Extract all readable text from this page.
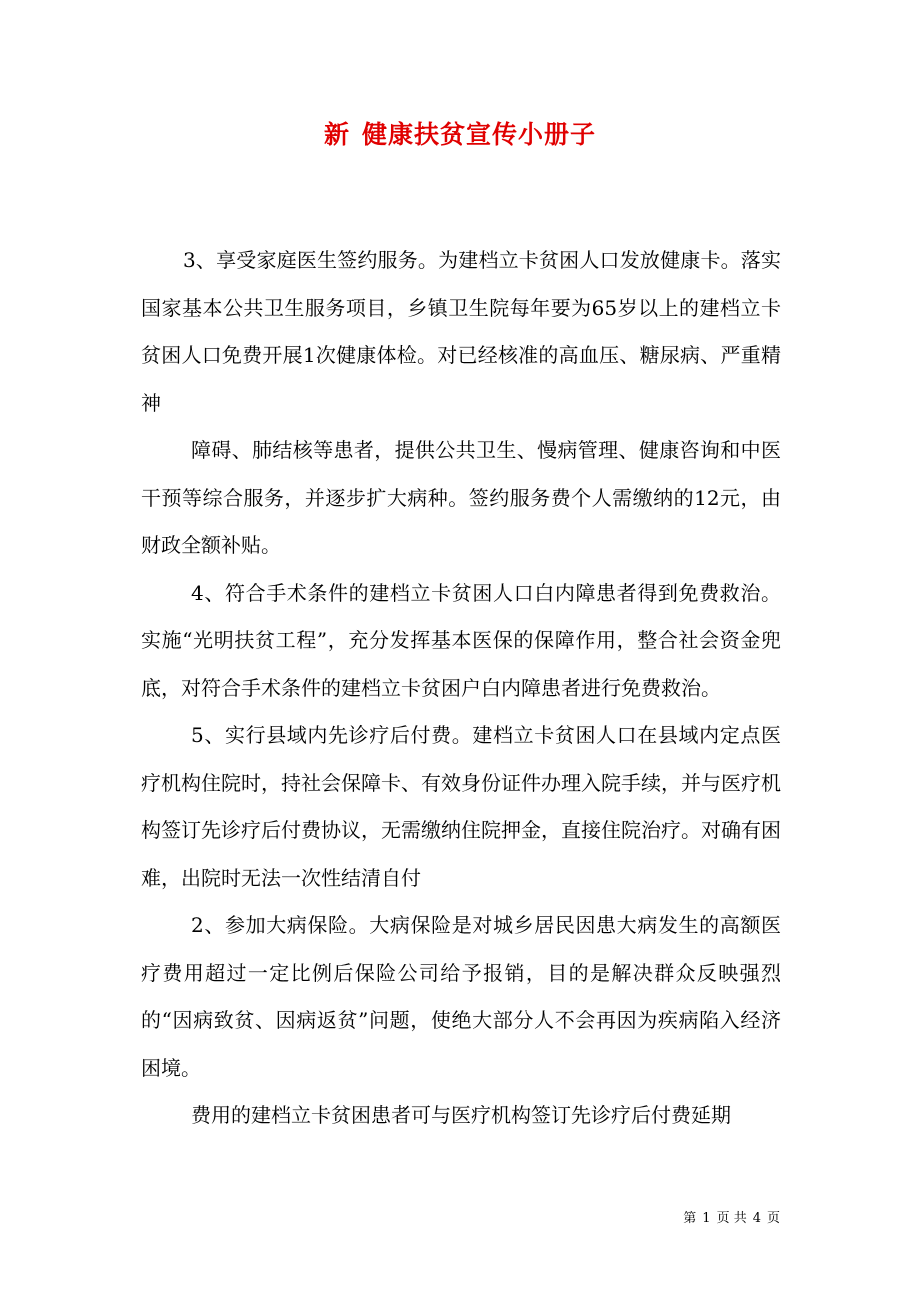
新 健康扶贫宣传小册子

3、享受家庭医生签约服务。为建档立卡贫困人口发放健康卡。落实国家基本公共卫生服务项目，乡镇卫生院每年要为65岁以上的建档立卡贫困人口免费开展1次健康体检。对已经核准的高血压、糖尿病、严重精神

障碍、肺结核等患者，提供公共卫生、慢病管理、健康咨询和中医干预等综合服务，并逐步扩大病种。签约服务费个人需缴纳的12元，由财政全额补贴。

4、符合手术条件的建档立卡贫困人口白内障患者得到免费救治。实施“光明扶贫工程”，充分发挥基本医保的保障作用，整合社会资金兜底，对符合手术条件的建档立卡贫困户白内障患者进行免费救治。

5、实行县域内先诊疗后付费。建档立卡贫困人口在县域内定点医疗机构住院时，持社会保障卡、有效身份证件办理入院手续，并与医疗机构签订先诊疗后付费协议，无需缴纳住院押金，直接住院治疗。对确有困难，出院时无法一次性结清自付

2、参加大病保险。大病保险是对城乡居民因患大病发生的高额医疗费用超过一定比例后保险公司给予报销，目的是解决群众反映强烈的“因病致贫、因病返贫”问题，使绝大部分人不会再因为疾病陷入经济困境。

费用的建档立卡贫困患者可与医疗机构签订先诊疗后付费延期

第 1 页 共 4 页
